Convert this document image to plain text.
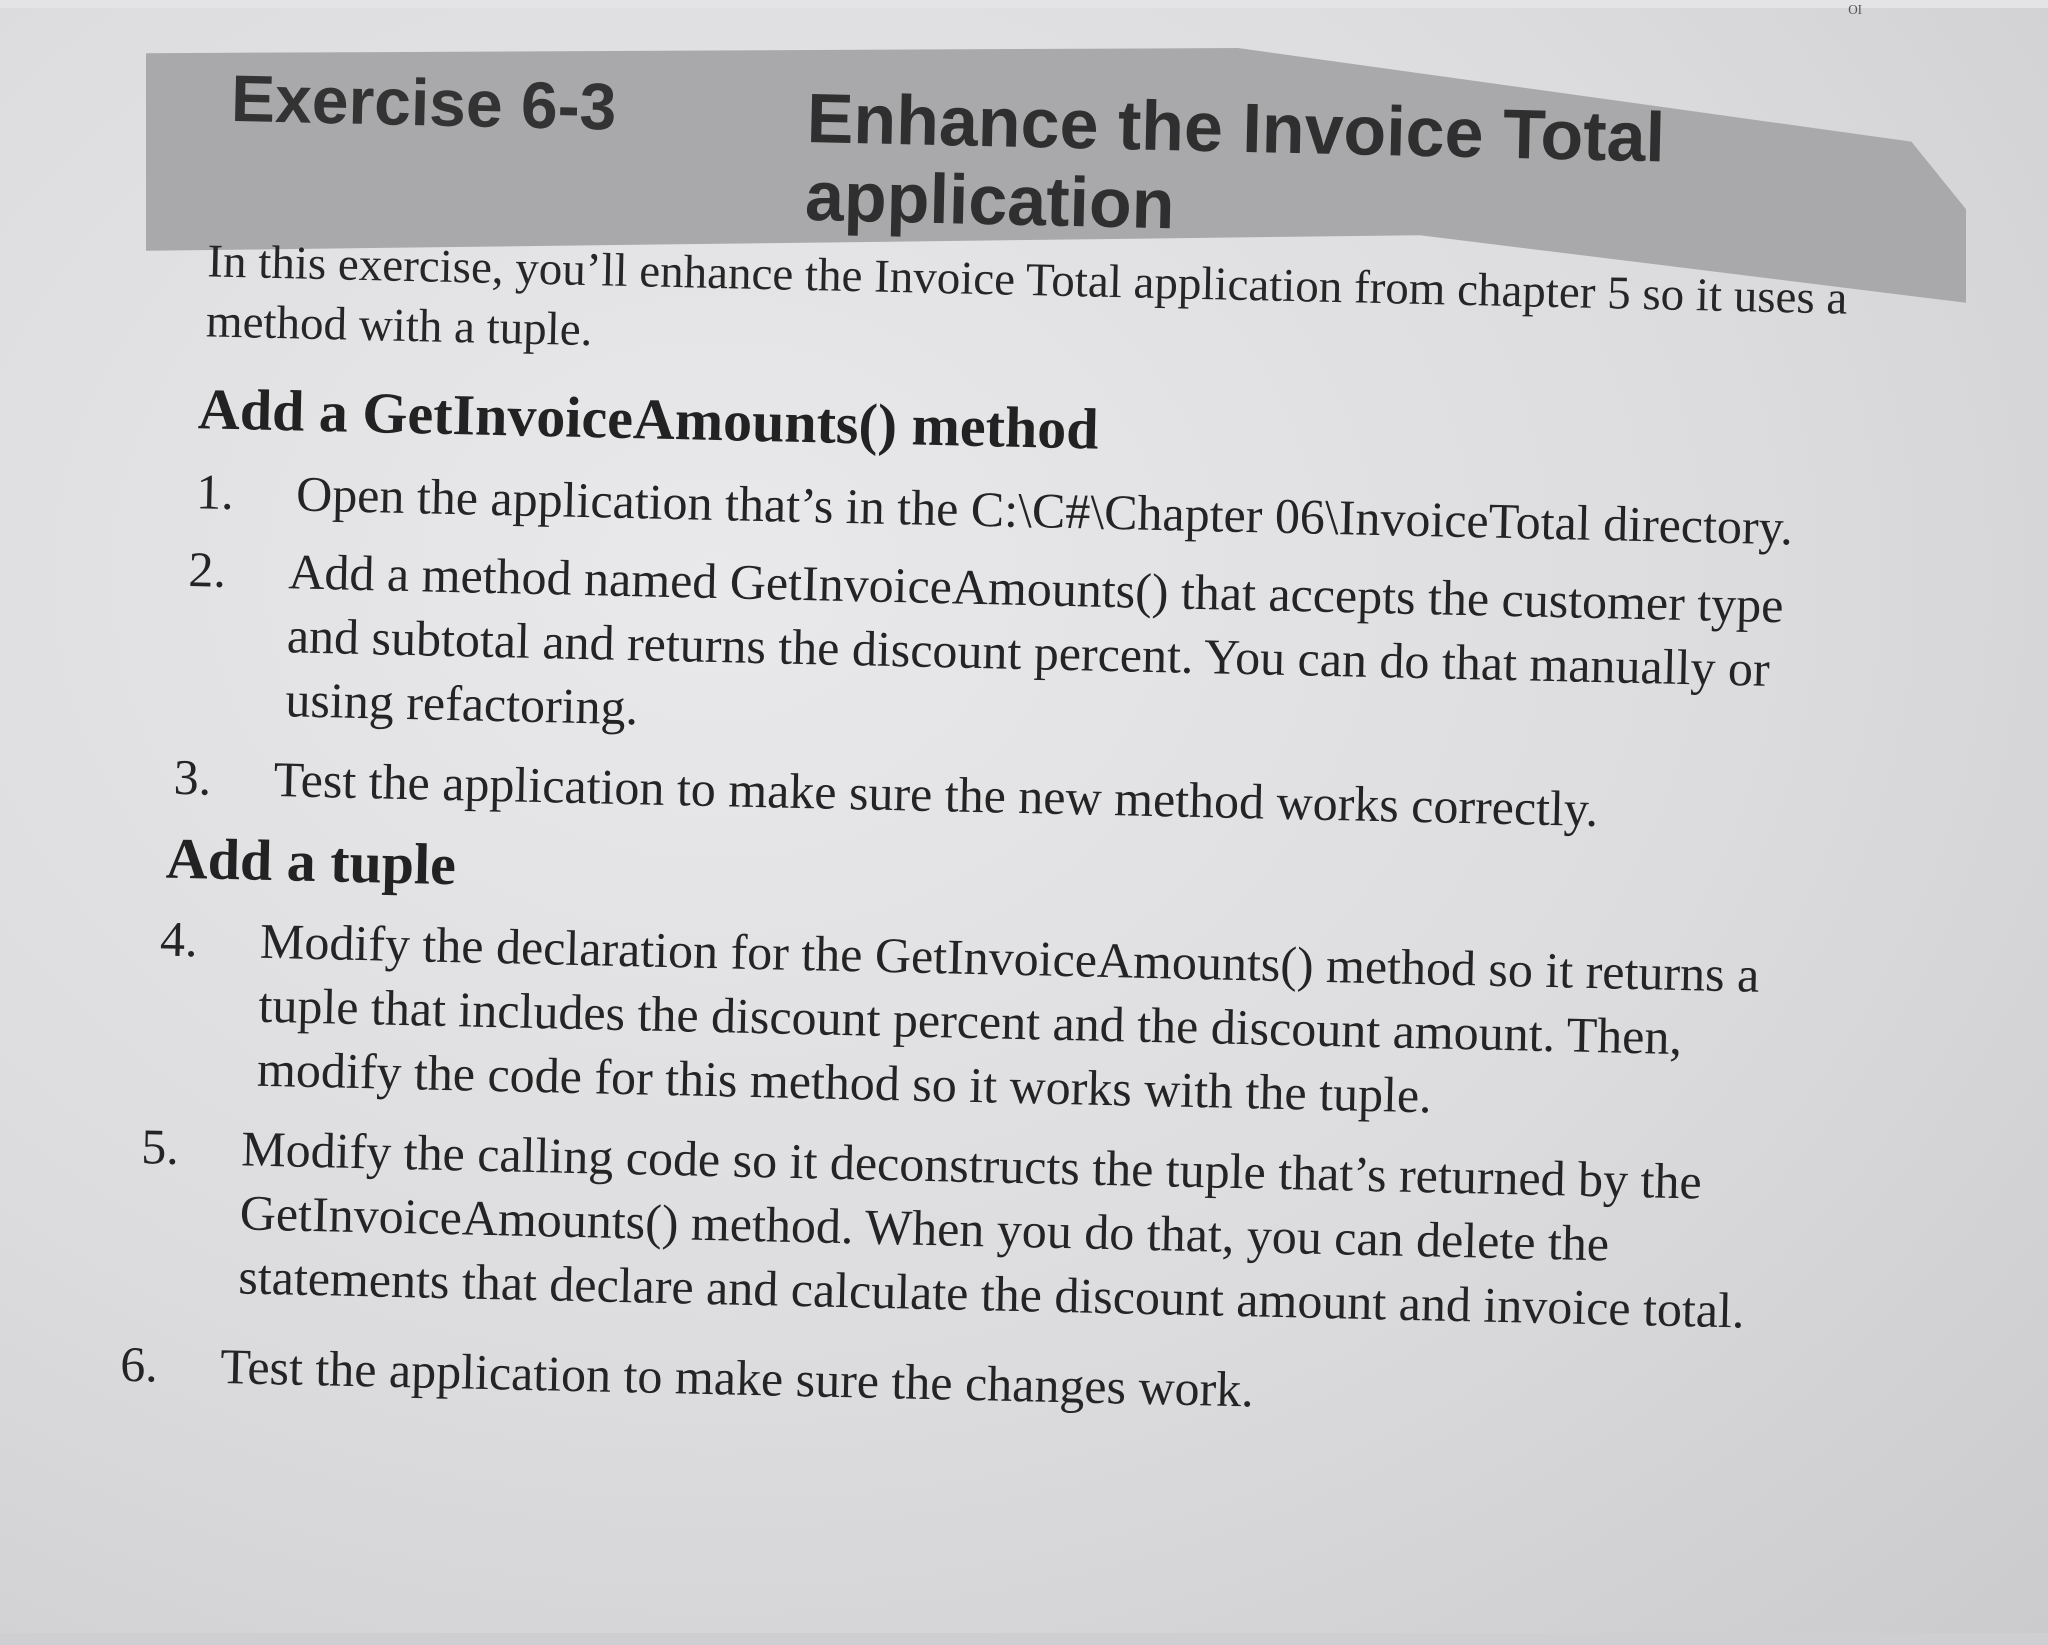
ᴼᴵ
Exercise 6-3	Enhance the Invoice Total application
In this exercise, you’ll enhance the Invoice Total application from chapter 5 so it uses a method with a tuple.
Add a GetInvoiceAmounts() method
1.	Open the application that’s in the C:\C#\Chapter 06\InvoiceTotal directory.
2.	Add a method named GetInvoiceAmounts() that accepts the customer type and subtotal and returns the discount percent. You can do that manually or using refactoring.
3.	Test the application to make sure the new method works correctly.
Add a tuple
4.	Modify the declaration for the GetInvoiceAmounts() method so it returns a tuple that includes the discount percent and the discount amount. Then, modify the code for this method so it works with the tuple.
5.	Modify the calling code so it deconstructs the tuple that’s returned by the GetInvoiceAmounts() method. When you do that, you can delete the statements that declare and calculate the discount amount and invoice total.
6.	Test the application to make sure the changes work.
